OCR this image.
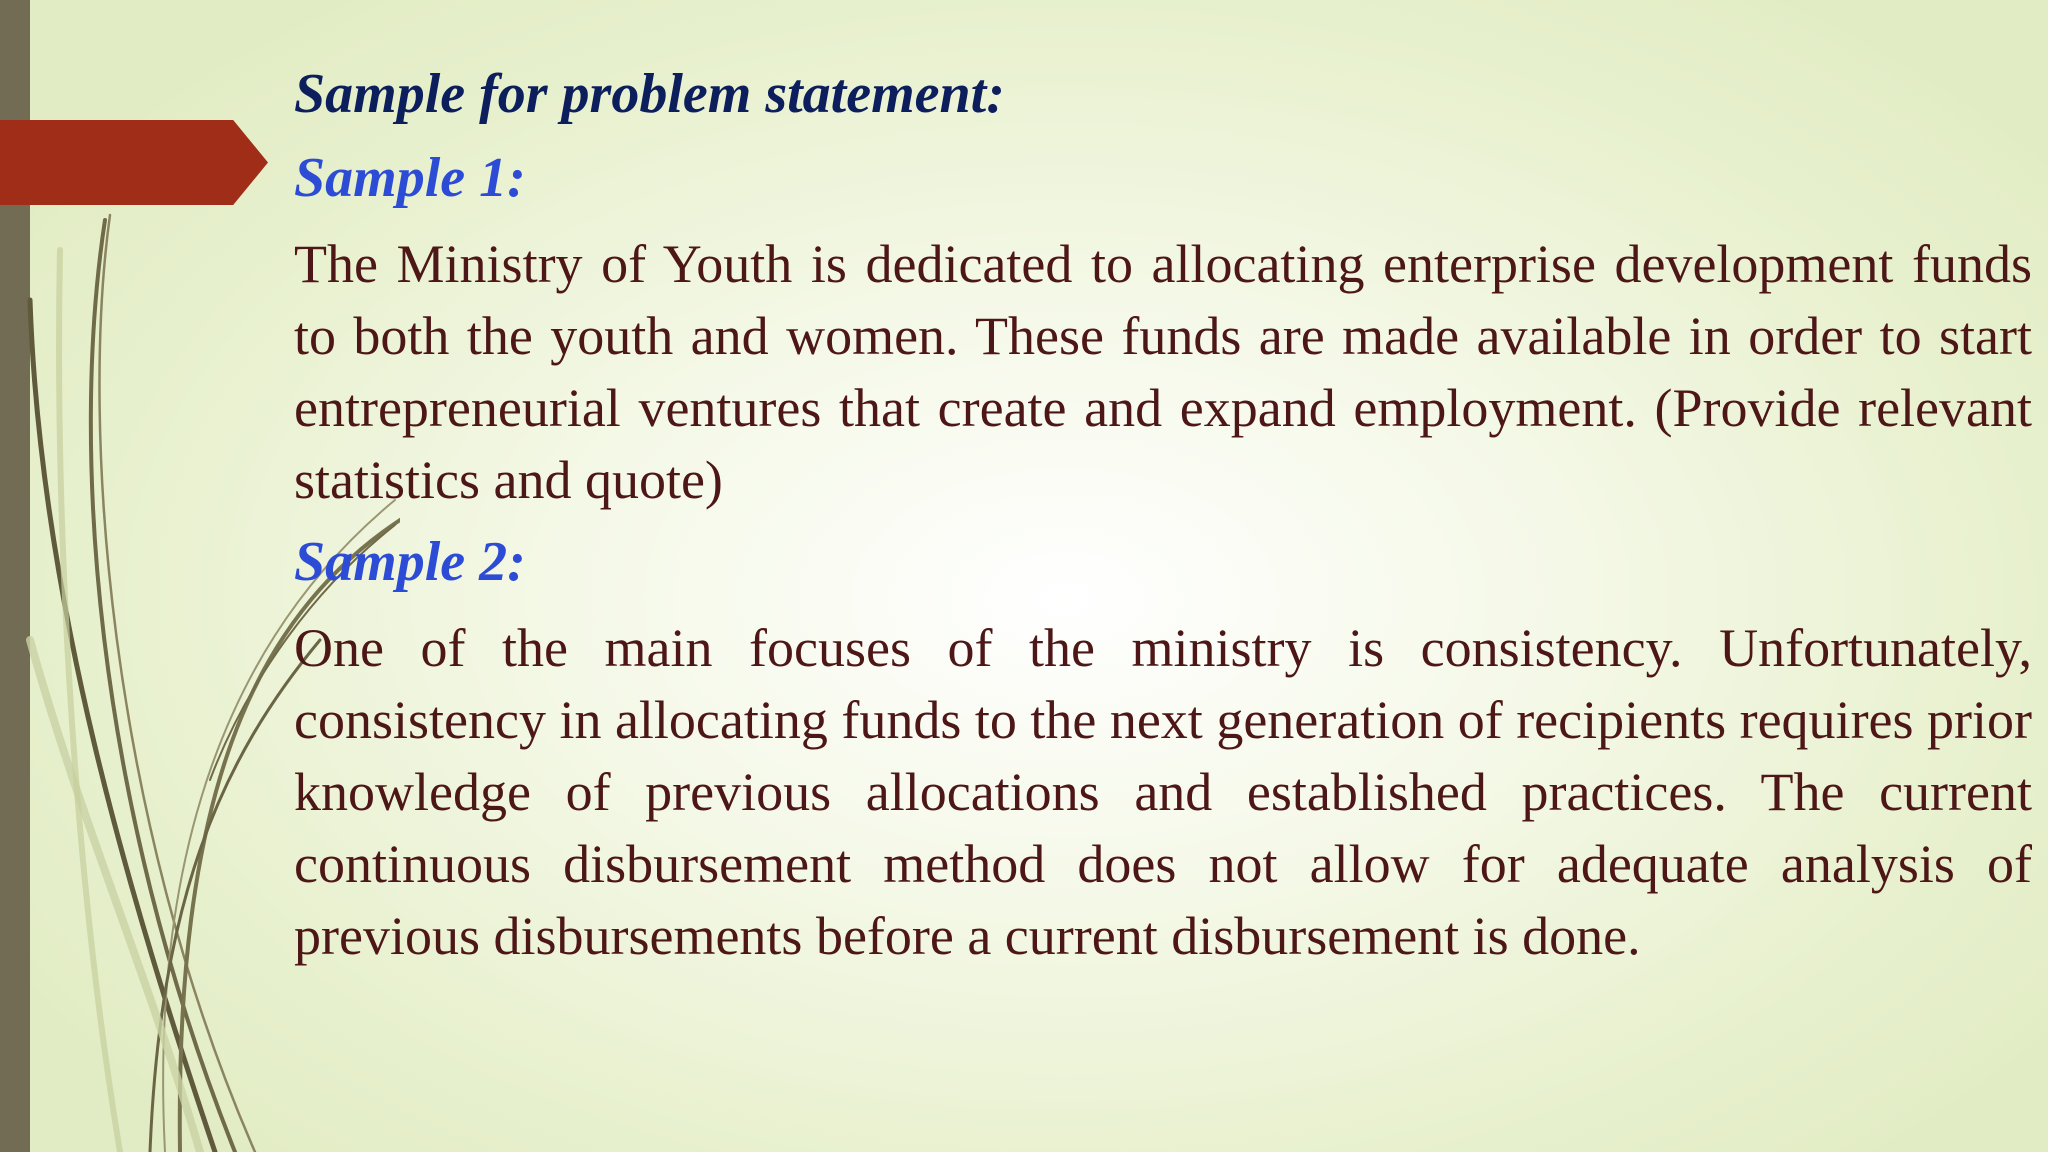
Sample for problem statement:
Sample 1:

The Ministry of Youth is dedicated to allocating enterprise development funds to both the youth and women. These funds are made available in order to start entrepreneurial ventures that create and expand employment. (Provide relevant statistics and quote)

Sample 2:

One of the main focuses of the ministry is consistency. Unfortunately, consistency in allocating funds to the next generation of recipients requires prior knowledge of previous allocations and established practices. The current continuous disbursement method does not allow for adequate analysis of previous disbursements before a current disbursement is done.
